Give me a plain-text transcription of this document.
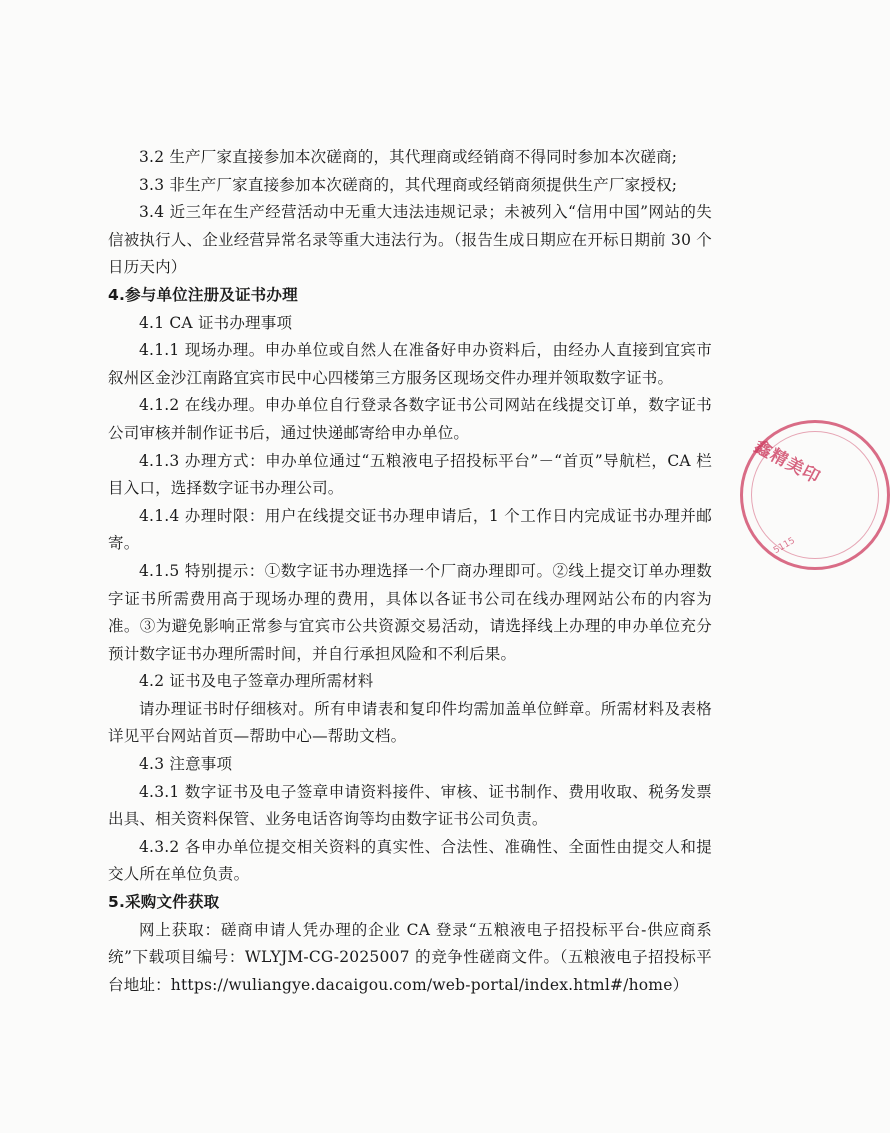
3.2 生产厂家直接参加本次磋商的，其代理商或经销商不得同时参加本次磋商;

3.3 非生产厂家直接参加本次磋商的，其代理商或经销商须提供生产厂家授权;

3.4 近三年在生产经营活动中无重大违法违规记录；未被列入“信用中国”网站的失信被执行人、企业经营异常名录等重大违法行为。（报告生成日期应在开标日期前 30 个日历天内）

4.参与单位注册及证书办理

4.1 CA 证书办理事项

4.1.1 现场办理。申办单位或自然人在准备好申办资料后，由经办人直接到宜宾市叙州区金沙江南路宜宾市民中心四楼第三方服务区现场交件办理并领取数字证书。

4.1.2 在线办理。申办单位自行登录各数字证书公司网站在线提交订单，数字证书公司审核并制作证书后，通过快递邮寄给申办单位。

4.1.3 办理方式：申办单位通过“五粮液电子招投标平台”－“首页”导航栏，CA 栏目入口，选择数字证书办理公司。

4.1.4 办理时限：用户在线提交证书办理申请后，1 个工作日内完成证书办理并邮寄。

4.1.5 特别提示：①数字证书办理选择一个厂商办理即可。②线上提交订单办理数字证书所需费用高于现场办理的费用，具体以各证书公司在线办理网站公布的内容为准。③为避免影响正常参与宜宾市公共资源交易活动，请选择线上办理的申办单位充分预计数字证书办理所需时间，并自行承担风险和不利后果。

4.2 证书及电子签章办理所需材料

请办理证书时仔细核对。所有申请表和复印件均需加盖单位鲜章。所需材料及表格详见平台网站首页—帮助中心—帮助文档。

4.3 注意事项

4.3.1 数字证书及电子签章申请资料接件、审核、证书制作、费用收取、税务发票出具、相关资料保管、业务电话咨询等均由数字证书公司负责。

4.3.2 各申办单位提交相关资料的真实性、合法性、准确性、全面性由提交人和提交人所在单位负责。

5.采购文件获取

网上获取：磋商申请人凭办理的企业 CA 登录“五粮液电子招投标平台-供应商系统”下载项目编号：WLYJM-CG-2025007 的竞争性磋商文件。（五粮液电子招投标平台地址：https://wuliangye.dacaigou.com/web-portal/index.html#/home）

鑫精美印
5115
